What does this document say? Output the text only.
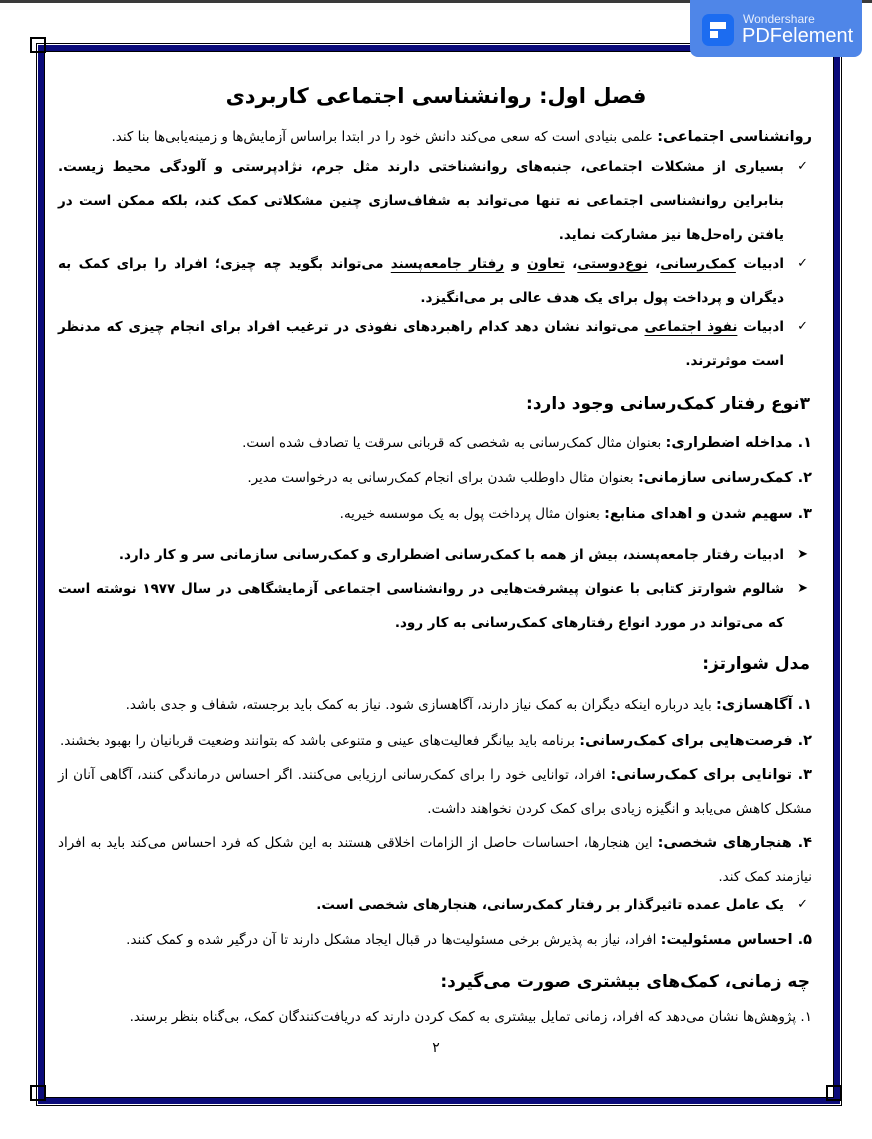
Wondershare
PDFelement
فصل اول: روانشناسی اجتماعی کاربردی
روانشناسی اجتماعی: علمی بنیادی است که سعی می‌کند دانش خود را در ابتدا براساس آزمایش‌ها و زمینه‌یابی‌ها بنا کند.
✓
بسیاری از مشکلات اجتماعی، جنبه‌های روانشناختی دارند مثل جرم، نژادپرستی و آلودگی محیط زیست. بنابراین روانشناسی اجتماعی نه تنها می‌تواند به شفاف‌سازی چنین مشکلاتی کمک کند، بلکه ممکن است در یافتن راه‌حل‌ها نیز مشارکت نماید.
✓
ادبیات کمک‌رسانی، نوع‌دوستی، تعاون و رفتار جامعه‌پسند می‌تواند بگوید چه چیزی؛ افراد را برای کمک به دیگران و پرداخت پول برای یک هدف عالی بر می‌انگیزد.
✓
ادبیات نفوذ اجتماعی می‌تواند نشان دهد کدام راهبردهای نفوذی در ترغیب افراد برای انجام چیزی که مدنظر است موثرترند.
۳نوع رفتار کمک‌رسانی وجود دارد:
۱. مداخله اضطراری: بعنوان مثال کمک‌رسانی به شخصی که قربانی سرقت یا تصادف شده است.
۲. کمک‌رسانی سازمانی: بعنوان مثال داوطلب شدن برای انجام کمک‌رسانی به درخواست مدیر.
۳. سهیم شدن و اهدای منابع: بعنوان مثال پرداخت پول به یک موسسه خیریه.
➤
ادبیات رفتار جامعه‌پسند، بیش از همه با کمک‌رسانی اضطراری و کمک‌رسانی سازمانی سر و کار دارد.
➤
شالوم شوارتز کتابی با عنوان پیشرفت‌هایی در روانشناسی اجتماعی آزمایشگاهی در سال ۱۹۷۷ نوشته است که می‌تواند در مورد انواع رفتارهای کمک‌رسانی به کار رود.
مدل شوارتز:
۱. آگاهسازی: باید درباره اینکه دیگران به کمک نیاز دارند، آگاهسازی شود. نیاز به کمک باید برجسته، شفاف و جدی باشد.
۲. فرصت‌هایی برای کمک‌رسانی: برنامه باید بیانگر فعالیت‌های عینی و متنوعی باشد که بتوانند وضعیت قربانیان را بهبود بخشند.
۳. توانایی برای کمک‌رسانی: افراد، توانایی خود را برای کمک‌رسانی ارزیابی می‌کنند. اگر احساس درماندگی کنند، آگاهی آنان از مشکل کاهش می‌یابد و انگیزه زیادی برای کمک کردن نخواهند داشت.
۴. هنجارهای شخصی: این هنجارها، احساسات حاصل از الزامات اخلاقی هستند به این شکل که فرد احساس می‌کند باید به افراد نیازمند کمک کند.
✓
یک عامل عمده تاثیرگذار بر رفتار کمک‌رسانی، هنجارهای شخصی است.
۵. احساس مسئولیت: افراد، نیاز به پذیرش برخی مسئولیت‌ها در قبال ایجاد مشکل دارند تا آن درگیر شده و کمک کنند.
چه زمانی، کمک‌های بیشتری صورت می‌گیرد:
۱. پژوهش‌ها نشان می‌دهد که افراد، زمانی تمایل بیشتری به کمک کردن دارند که دریافت‌کنندگان کمک، بی‌گناه بنظر برسند.
۲
